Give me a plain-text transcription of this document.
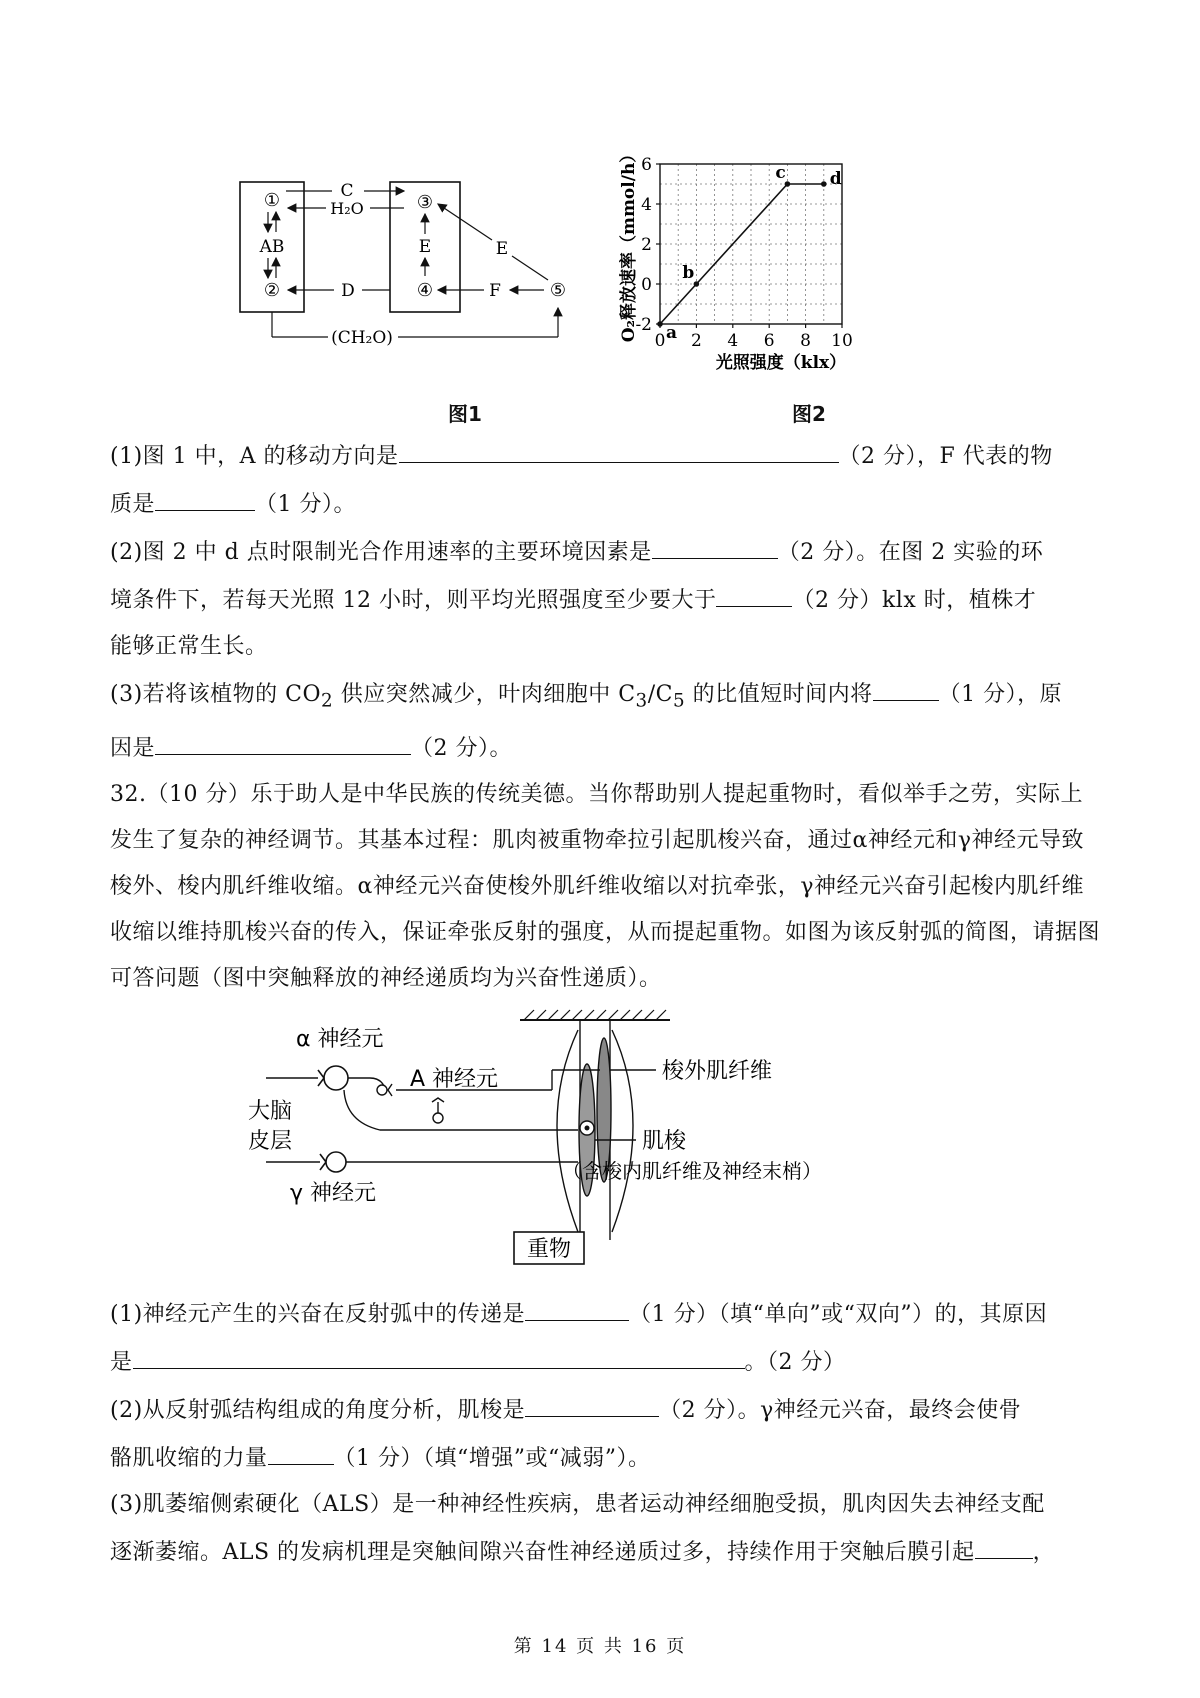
①
AB
②
C
H₂O	③
E
④
D	⑤
F
E
(CH₂O)
图1
-2
0
2
4
6
0 2 4 6 8 10
a
b
c	d
光照强度（klx）
O₂释放速率（mmol/h）
图2

(1)图 1 中，A 的移动方向是	（2 分），F 代表的物
质是	（1 分）。

(2)图 2 中 d 点时限制光合作用速率的主要环境因素是	（2 分）。在图 2 实验的环
境条件下，若每天光照 12 小时，则平均光照强度至少要大于	（2 分）klx 时，植株才
能够正常生长。

(3)若将该植物的 $CO_2$ 供应突然减少，叶肉细胞中 $C_3/C_5$ 的比值短时间内将	（1 分），原
因是	（2 分）。

32.（10 分）乐于助人是中华民族的传统美德。当你帮助别人提起重物时，看似举手之劳，实际上发生了复杂的神经调节。其基本过程：肌肉被重物牵拉引起肌梭兴奋，通过α神经元和γ神经元导致梭外、梭内肌纤维收缩。α神经元兴奋使梭外肌纤维收缩以对抗牵张，γ神经元兴奋引起梭内肌纤维收缩以维持肌梭兴奋的传入，保证牵张反射的强度，从而提起重物。如图为该反射弧的简图，请据图可答问题（图中突触释放的神经递质均为兴奋性递质）。

α 神经元
A 神经元
大脑
皮层
γ 神经元
梭外肌纤维
肌梭
（含梭内肌纤维及神经末梢）
重物

(1)神经元产生的兴奋在反射弧中的传递是	（1 分）（填“单向”或“双向”）的，其原因
是	。（2 分）

(2)从反射弧结构组成的角度分析，肌梭是	（2 分）。γ神经元兴奋，最终会使骨
骼肌收缩的力量	（1 分）（填“增强”或“减弱”）。

(3)肌萎缩侧索硬化（ALS）是一种神经性疾病，患者运动神经细胞受损，肌肉因失去神经支配
逐渐萎缩。ALS 的发病机理是突触间隙兴奋性神经递质过多，持续作用于突触后膜引起	，

第 14 页 共 16 页
